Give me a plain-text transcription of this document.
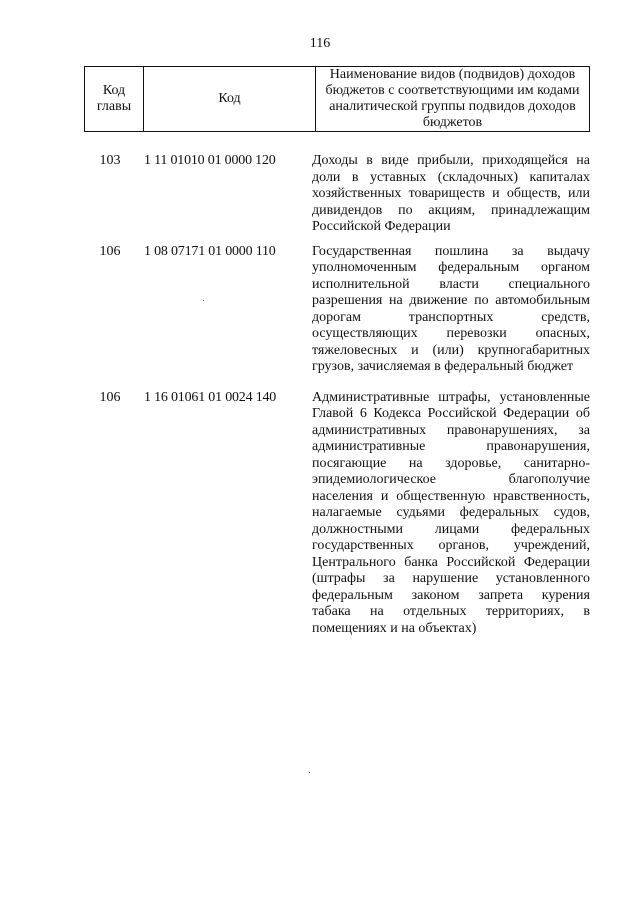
116
Код главы	Код	Наименование видов (подвидов) доходов бюджетов с соответствующими им кодами аналитической группы подвидов доходов бюджетов
103	1 11 01010 01 0000 120	Доходы в виде прибыли, приходящейся на
доли в уставных (складочных) капиталах
хозяйственных товариществ и обществ, или
дивидендов по акциям, принадлежащим
Российской Федерации
106	1 08 07171 01 0000 110	Государственная пошлина за выдачу
уполномоченным федеральным органом
исполнительной власти специального
разрешения на движение по автомобильным
дорогам транспортных средств,
осуществляющих перевозки опасных,
тяжеловесных и (или) крупногабаритных
грузов, зачисляемая в федеральный бюджет
106	1 16 01061 01 0024 140	Административные штрафы, установленные
Главой 6 Кодекса Российской Федерации об
административных правонарушениях, за
административные правонарушения,
посягающие на здоровье, санитарно-
эпидемиологическое благополучие
населения и общественную нравственность,
налагаемые судьями федеральных судов,
должностными лицами федеральных
государственных органов, учреждений,
Центрального банка Российской Федерации
(штрафы за нарушение установленного
федеральным законом запрета курения
табака на отдельных территориях, в
помещениях и на объектах)
